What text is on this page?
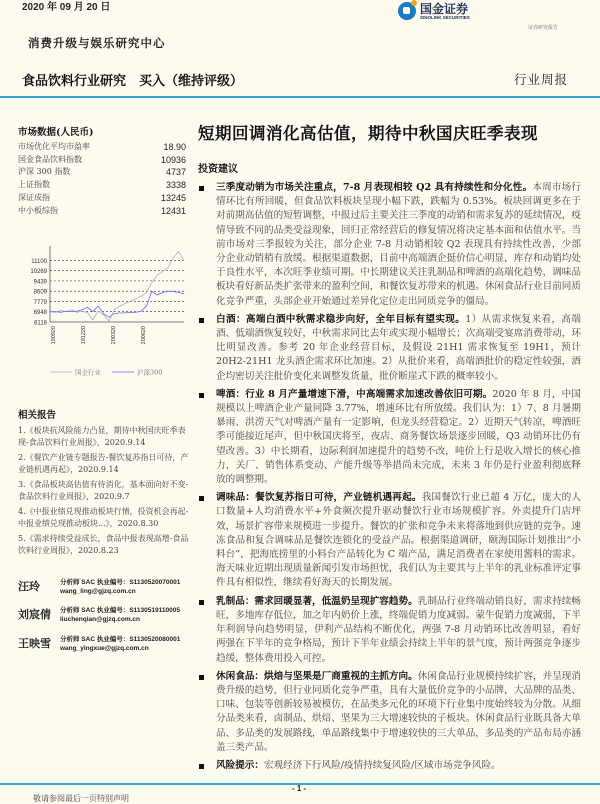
2020 年 09 月 20 日	国金证券
SINOLINK SECURITIES
证券研究报告
消费升级与娱乐研究中心
食品饮料行业研究　买入（维持评级）	行业周报
市场数据(人民币)
市场优化平均市盈率	18.90
国金食品饮料指数	10936
沪深 300 指数	4737
上证指数	3338
深证成指	13245
中小板综指	12431
11100
10269
9439
8609
7779
6948
6118
190920	191220	200320	200620
国金行业	沪深300
相关报告
1.《板块抗风险能力凸显，期待中秋国庆旺季表现-食品饮料行业周报》，2020.9.14
2.《餐饮产业链专题报告-餐饮复苏指日可待，产业链机遇再起》，2020.9.14
3.《食品板块高估值有待消化，基本面向好不变-食品饮料行业周报》，2020.9.7
4.《中报业绩兑现推动板块行情，投资机会再起-中报业绩兑现推动板块...》，2020.8.30
5.《需求持续受益成长，食品中报表现高增-食品饮料行业周报》，2020.8.23
汪玲	分析师 SAC 执业编号：S1130520070001
wang_ling@gjzq.com.cn
刘宸倩	分析师 SAC 执业编号：S1130519110005
liuchenqian@gjzq.com.cn
王映雪	分析师 SAC 执业编号：S1130520080001
wang_yingxue@gjzq.com.cn
短期回调消化高估值，期待中秋国庆旺季表现
投资建议
三季度动销为市场关注重点，7-8 月表现相较 Q2 具有持续性和分化性。本周市场行情环比有所回暖，但食品饮料板块呈现小幅下跌，跌幅为 0.53%。板块回调更多在于对前期高估值的短暂调整，中报过后主要关注三季度的动销和需求复苏的延续情况，疫情导致不同的品类受益现象，回归正常经营后的修复情况将决定基本面和估值水平。当前市场对三季报较为关注，部分企业 7-8 月动销相较 Q2 表现具有持续性改善，少部分企业动销稍有放缓。根据渠道数据，目前中高端酒企挺价信心明显，库存和动销均处于良性水平，本次旺季业绩可期。中长期建议关注乳制品和啤酒的高端化趋势，调味品板块看好新品类扩张带来的盈利空间，和餐饮复苏带来的机遇。休闲食品行业目前同质化竞争严重，头部企业开始通过差异化定位走出同质竞争的僵局。
白酒：高端白酒中秋需求稳步向好，全年目标有望实现。1）从需求恢复来看，高端酒、低端酒恢复较好，中秋需求同比去年或实现小幅增长；次高端受宴席消费带动，环比明显改善。参考 20 年企业经营目标，及假设 21H1 需求恢复至 19H1，预计 20H2-21H1 龙头酒企需求环比加速。2）从批价来看，高端酒批价的稳定性较强，酒企均密切关注批价变化来调整发货量，批价断崖式下跌的概率较小。
啤酒：行业 8 月产量增速下滑，中高端需求加速改善依旧可期。2020 年 8 月，中国规模以上啤酒企业产量同降 3.77%，增速环比有所放缓。我们认为：1）7、8 月暑期暴雨、洪涝天气对啤酒产量有一定影响，但龙头经营稳定。2）近期天气转凉，啤酒旺季可能接近尾声，但中秋国庆将至，夜店、商务餐饮场景逐步回暖，Q3 动销环比仍有望改善。3）中长期看，边际利润加速提升的趋势不改，吨价上行是收入增长的核心推力，关厂、销售体系变动、产能升级等举措尚未完成，未来 3 年仍是行业盈利彻底释放的调整期。
调味品：餐饮复苏指日可待，产业链机遇再起。我国餐饮行业已超 4 万亿，庞大的人口数量+人均消费水平+外食频次提升驱动餐饮行业市场规模扩容。外卖提升门店坪效，场景扩容带来规模进一步提升。餐饮的扩张和竞争未来将落地到供应链的竞争。速冻食品和复合调味品是餐饮连锁化的受益产品。根据渠道调研，颐海国际计划推出“小料台”，把海底捞里的小料台产品转化为 C 端产品，满足消费者在家使用酱料的需求。海天味业近期出现质量新闻引发市场担忧，我们认为主要其与上半年的乳业标准评定事件具有相似性，继续看好海天的长期发展。
乳制品：需求回暖显著，低温奶呈现扩容趋势。乳制品行业终端动销良好，需求持续畅旺，多地库存低位，加之年内奶价上涨，终端促销力度减弱。蒙牛促销力度减弱，下半年利润导向趋势明显，伊利产品结构不断优化，两强 7-8 月动销环比改善明显，看好两强在下半年的竞争格局，预计下半年业绩会持续上半年的景气度，预计两强竞争逐步趋缓，整体费用投入可控。
休闲食品：烘焙与坚果是厂商重视的主抓方向。休闲食品行业规模持续扩容，并呈现消费升级的趋势，但行业同质化竞争严重，具有大量低价竞争的小品牌，大品牌的品类、口味、包装等创新较易被模仿，在品类多元化的环境下行业集中度始终较为分散。从细分品类来看，卤制品、烘焙、坚果为三大增速较快的子板块。休闲食品行业既具备大单品、多品类的发展路线，单品路线集中于增速较快的三大单品，多品类的产品布局亦涵盖三类产品。
风险提示：宏观经济下行风险/疫情持续复风险/区域市场竞争风险。
- 1 -
敬请参阅最后一页特别声明
